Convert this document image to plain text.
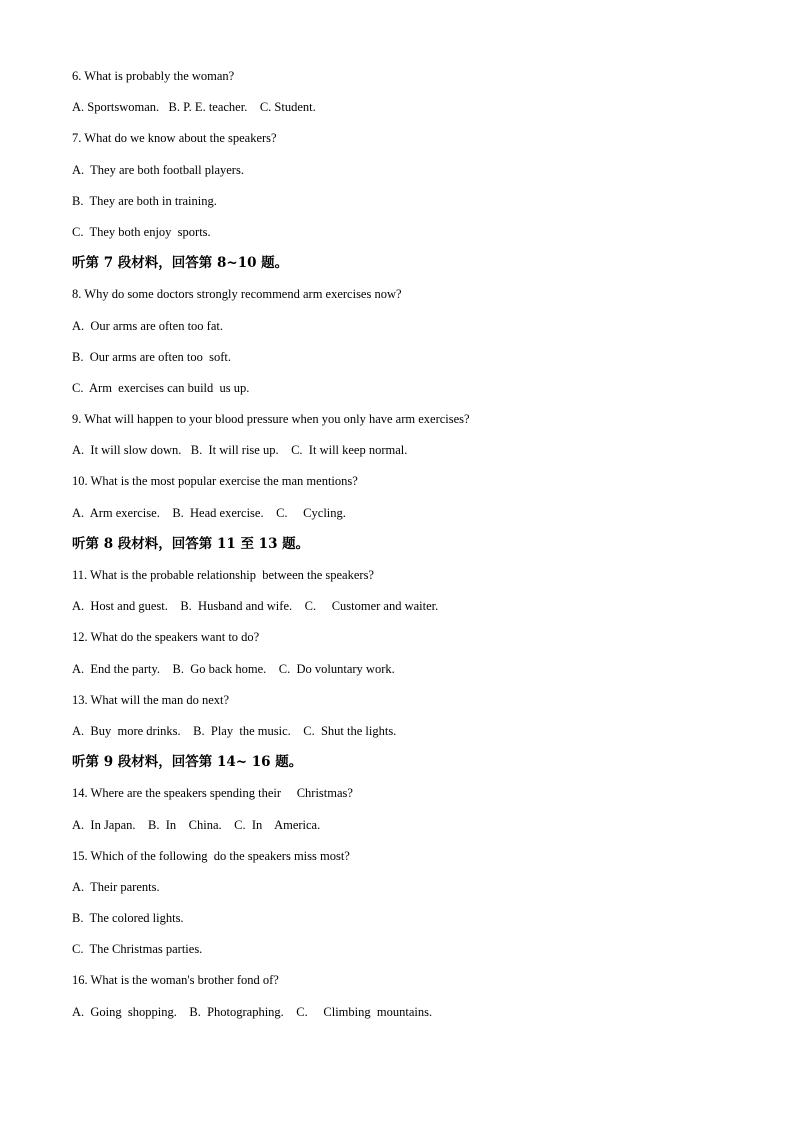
6. What is probably the woman?
A. Sportswoman.   B. P. E. teacher.    C. Student.
7. What do we know about the speakers?
A.  They are both football players.
B.  They are both in training.
C.  They both enjoy  sports.
听第 7 段材料，回答第 8~10 题。
8. Why do some doctors strongly recommend arm exercises now?
A.  Our arms are often too fat.
B.  Our arms are often too  soft.
C.  Arm  exercises can build  us up.
9. What will happen to your blood pressure when you only have arm exercises?
A.  It will slow down.   B.  It will rise up.    C.  It will keep normal.
10. What is the most popular exercise the man mentions?
A.  Arm exercise.    B.  Head exercise.    C.     Cycling.
听第 8 段材料，回答第 11 至 13 题。
11. What is the probable relationship  between the speakers?
A.  Host and guest.    B.  Husband and wife.    C.     Customer and waiter.
12. What do the speakers want to do?
A.  End the party.    B.  Go back home.    C.  Do voluntary work.
13. What will the man do next?
A.  Buy  more drinks.    B.  Play  the music.    C.  Shut the lights.
听第 9 段材料，回答第 14~ 16 题。
14. Where are the speakers spending their     Christmas?
A.  In Japan.    B.  In    China.    C.  In    America.
15. Which of the following  do the speakers miss most?
A.  Their parents.
B.  The colored lights.
C.  The Christmas parties.
16. What is the woman's brother fond of?
A.  Going  shopping.    B.  Photographing.    C.     Climbing  mountains.
